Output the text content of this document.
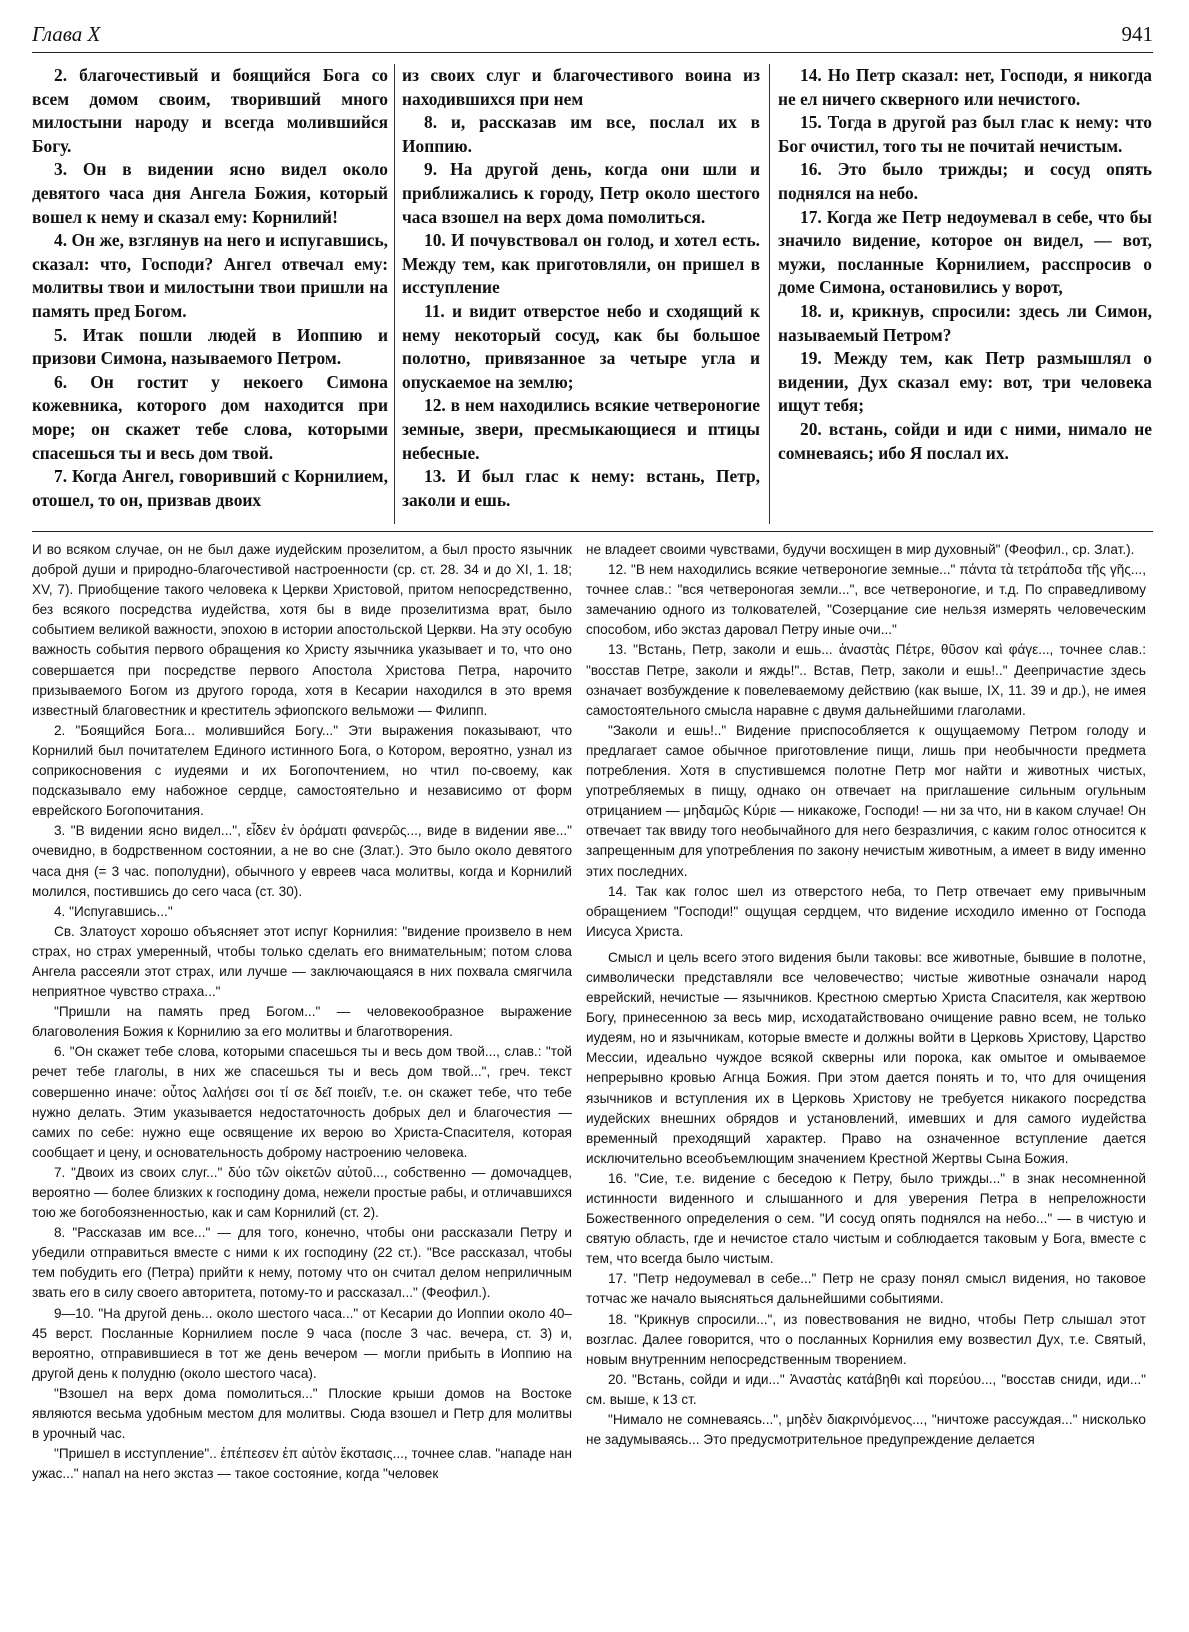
Глава X	941

2. благочестивый и боящийся Бога со всем домом своим, творивший много милостыни народу и всегда молившийся Богу.

3. Он в видении ясно видел около девятого часа дня Ангела Божия, который вошел к нему и сказал ему: Корнилий!

4. Он же, взглянув на него и испугавшись, сказал: что, Господи? Ангел отвечал ему: молитвы твои и милостыни твои пришли на память пред Богом.

5. Итак пошли людей в Иоппию и призови Симона, называемого Петром.

6. Он гостит у некоего Симона кожевника, которого дом находится при море; он скажет тебе слова, которыми спасешься ты и весь дом твой.

7. Когда Ангел, говоривший с Корнилием, отошел, то он, призвав двоих

из своих слуг и благочестивого воина из находившихся при нем

8. и, рассказав им все, послал их в Иоппию.

9. На другой день, когда они шли и приближались к городу, Петр около шестого часа взошел на верх дома помолиться.

10. И почувствовал он голод, и хотел есть. Между тем, как приготовляли, он пришел в исступление

11. и видит отверстое небо и сходящий к нему некоторый сосуд, как бы большое полотно, привязанное за четыре угла и опускаемое на землю;

12. в нем находились всякие четвероногие земные, звери, пресмыкающиеся и птицы небесные.

13. И был глас к нему: встань, Петр, заколи и ешь.

14. Но Петр сказал: нет, Господи, я никогда не ел ничего скверного или нечистого.

15. Тогда в другой раз был глас к нему: что Бог очистил, того ты не почитай нечистым.

16. Это было трижды; и сосуд опять поднялся на небо.

17. Когда же Петр недоумевал в себе, что бы значило видение, которое он видел, — вот, мужи, посланные Корнилием, расспросив о доме Симона, остановились у ворот,

18. и, крикнув, спросили: здесь ли Симон, называемый Петром?

19. Между тем, как Петр размышлял о видении, Дух сказал ему: вот, три человека ищут тебя;

20. встань, сойди и иди с ними, нимало не сомневаясь; ибо Я послал их.

И во всяком случае, он не был даже иудейским прозелитом, а был просто язычник доброй души и природно-благочестивой настроенности (ср. ст. 28. 34 и до XI, 1. 18; XV, 7). Приобщение такого человека к Церкви Христовой, притом непосредственно, без всякого посредства иудейства, хотя бы в виде прозелитизма врат, было событием великой важности, эпохою в истории апостольской Церкви. На эту особую важность события первого обращения ко Христу язычника указывает и то, что оно совершается при посредстве первого Апостола Христова Петра, нарочито призываемого Богом из другого города, хотя в Кесарии находился в это время известный благовестник и креститель эфиопского вельможи — Филипп.

2. "Боящийся Бога... молившийся Богу..." Эти выражения показывают, что Корнилий был почитателем Единого истинного Бога, о Котором, вероятно, узнал из соприкосновения с иудеями и их Богопочтением, но чтил по-своему, как подсказывало ему набожное сердце, самостоятельно и независимо от форм еврейского Богопочитания.

3. "В видении ясно видел...", εἶδεν ἐν ὁράματι φανερῶς..., виде в видении яве..." очевидно, в бодрственном состоянии, а не во сне (Злат.). Это было около девятого часа дня (= 3 час. пополудни), обычного у евреев часа молитвы, когда и Корнилий молился, постившись до сего часа (ст. 30).

4. "Испугавшись..."

Св. Златоуст хорошо объясняет этот испуг Корнилия: "видение произвело в нем страх, но страх умеренный, чтобы только сделать его внимательным; потом слова Ангела рассеяли этот страх, или лучше — заключающаяся в них похвала смягчила неприятное чувство страха..."

"Пришли на память пред Богом..." — человекообразное выражение благоволения Божия к Корнилию за его молитвы и благотворения.

6. "Он скажет тебе слова, которыми спасешься ты и весь дом твой..., слав.: "той речет тебе глаголы, в них же спасешься ты и весь дом твой...", греч. текст совершенно иначе: οὗτος λαλήσει σοι τί σε δεῖ ποιεῖν, т.е. он скажет тебе, что тебе нужно делать. Этим указывается недостаточность добрых дел и благочестия — самих по себе: нужно еще освящение их верою во Христа-Спасителя, которая сообщает и цену, и основательность доброму настроению человека.

7. "Двоих из своих слуг..." δύο τῶν οἰκετῶν αὐτοῦ..., собственно — домочадцев, вероятно — более близких к господину дома, нежели простые рабы, и отличавшихся тою же богобоязненностью, как и сам Корнилий (ст. 2).

8. "Рассказав им все..." — для того, конечно, чтобы они рассказали Петру и убедили отправиться вместе с ними к их господину (22 ст.). "Все рассказал, чтобы тем побудить его (Петра) прийти к нему, потому что он считал делом неприличным звать его в силу своего авторитета, потому-то и рассказал..." (Феофил.).

9—10. "На другой день... около шестого часа..." от Кесарии до Иоппии около 40–45 верст. Посланные Корнилием после 9 часа (после 3 час. вечера, ст. 3) и, вероятно, отправившиеся в тот же день вечером — могли прибыть в Иоппию на другой день к полудню (около шестого часа).

"Взошел на верх дома помолиться..." Плоские крыши домов на Востоке являются весьма удобным местом для молитвы. Сюда взошел и Петр для молитвы в урочный час.

"Пришел в исступление".. ἐπέπεσεν ἐπ αὐτὸν ἔκστασις..., точнее слав. "нападе нан ужас..." напал на него экстаз — такое состояние, когда "человек

не владеет своими чувствами, будучи восхищен в мир духовный" (Феофил., ср. Злат.).

12. "В нем находились всякие четвероногие земные..." πάντα τὰ τετράποδα τῆς γῆς..., точнее слав.: "вся четвероногая земли...", все четвероногие, и т.д. По справедливому замечанию одного из толкователей, "Созерцание сие нельзя измерять человеческим способом, ибо экстаз даровал Петру иные очи..."

13. "Встань, Петр, заколи и ешь... ἀναστὰς Πέτρε, θῦσον καὶ φάγε..., точнее слав.: "восстав Петре, заколи и яждь!".. Встав, Петр, заколи и ешь!.." Деепричастие здесь означает возбуждение к повелеваемому действию (как выше, IX, 11. 39 и др.), не имея самостоятельного смысла наравне с двумя дальнейшими глаголами.

"Заколи и ешь!.." Видение приспособляется к ощущаемому Петром голоду и предлагает самое обычное приготовление пищи, лишь при необычности предмета потребления. Хотя в спустившемся полотне Петр мог найти и животных чистых, употребляемых в пищу, однако он отвечает на приглашение сильным огульным отрицанием — μηδαμῶς Κύριε — никакоже, Господи! — ни за что, ни в каком случае! Он отвечает так ввиду того необычайного для него безразличия, с каким голос относится к запрещенным для употребления по закону нечистым животным, а имеет в виду именно этих последних.

14. Так как голос шел из отверстого неба, то Петр отвечает ему привычным обращением "Господи!" ощущая сердцем, что видение исходило именно от Господа Иисуса Христа.

Смысл и цель всего этого видения были таковы: все животные, бывшие в полотне, символически представляли все человечество; чистые животные означали народ еврейский, нечистые — язычников. Крестною смертью Христа Спасителя, как жертвою Богу, принесенною за весь мир, исходатайствовано очищение равно всем, не только иудеям, но и язычникам, которые вместе и должны войти в Церковь Христову, Царство Мессии, идеально чуждое всякой скверны или порока, как омытое и омываемое непрерывно кровью Агнца Божия. При этом дается понять и то, что для очищения язычников и вступления их в Церковь Христову не требуется никакого посредства иудейских внешних обрядов и установлений, имевших и для самого иудейства временный преходящий характер. Право на означенное вступление дается исключительно всеобъемлющим значением Крестной Жертвы Сына Божия.

16. "Сие, т.е. видение с беседою к Петру, было трижды..." в знак несомненной истинности виденного и слышанного и для уверения Петра в непреложности Божественного определения о сем. "И сосуд опять поднялся на небо..." — в чистую и святую область, где и нечистое стало чистым и соблюдается таковым у Бога, вместе с тем, что всегда было чистым.

17. "Петр недоумевал в себе..." Петр не сразу понял смысл видения, но таковое тотчас же начало выясняться дальнейшими событиями.

18. "Крикнув спросили...", из повествования не видно, чтобы Петр слышал этот возглас. Далее говорится, что о посланных Корнилия ему возвестил Дух, т.е. Святый, новым внутренним непосредственным творением.

20. "Встань, сойди и иди..." Ἀναστὰς κατάβηθι καὶ πορεύου..., "восстав сниди, иди..." см. выше, к 13 ст.

"Нимало не сомневаясь...", μηδὲν διακρινόμενος..., "ничтоже рассуждая..." нисколько не задумываясь... Это предусмотрительное предупреждение делается
